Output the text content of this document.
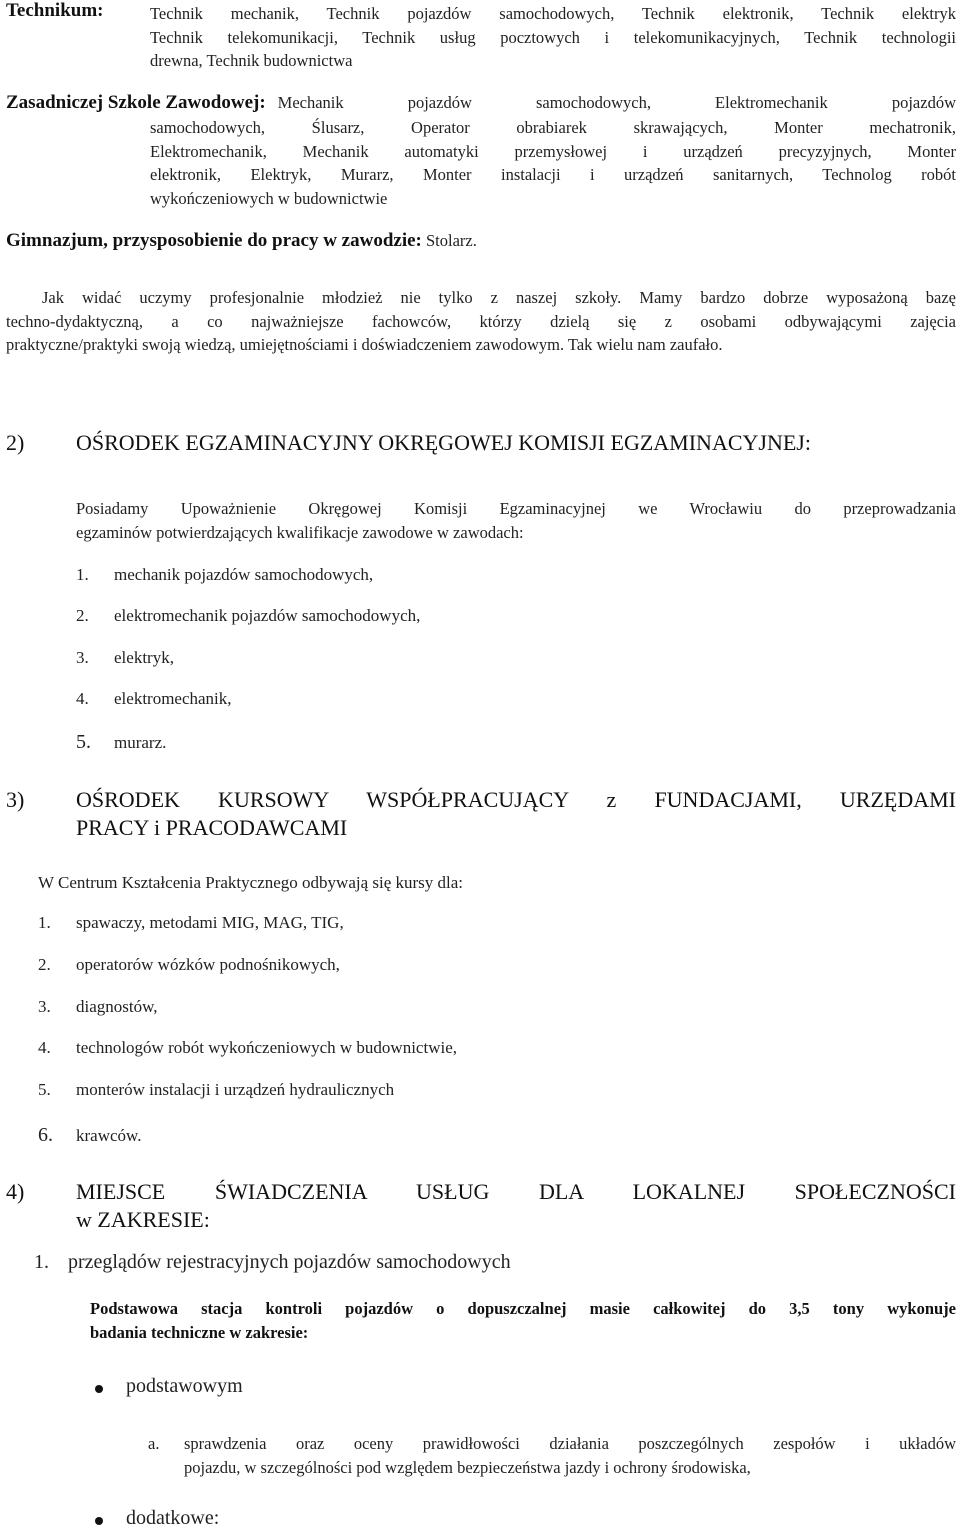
Technikum:	Technik mechanik, Technik pojazdów samochodowych, Technik elektronik, Technik elektryk
Technik telekomunikacji, Technik usług pocztowych i telekomunikacyjnych, Technik technologii
drewna, Technik budownictwa
Zasadniczej Szkole Zawodowej: Mechanik pojazdów samochodowych, Elektromechanik pojazdów
samochodowych, Ślusarz, Operator obrabiarek skrawających, Monter mechatronik,
Elektromechanik, Mechanik automatyki przemysłowej i urządzeń precyzyjnych, Monter
elektronik, Elektryk, Murarz, Monter instalacji i urządzeń sanitarnych, Technolog robót
wykończeniowych w budownictwie
Gimnazjum, przysposobienie do pracy w zawodzie: Stolarz.
Jak widać uczymy profesjonalnie młodzież nie tylko z naszej szkoły. Mamy bardzo dobrze wyposażoną bazę
techno-dydaktyczną, a co najważniejsze fachowców, którzy dzielą się z osobami odbywającymi zajęcia
praktyczne/praktyki swoją wiedzą, umiejętnościami i doświadczeniem zawodowym. Tak wielu nam zaufało.
2) OŚRODEK EGZAMINACYJNY OKRĘGOWEJ KOMISJI EGZAMINACYJNEJ:
Posiadamy Upoważnienie Okręgowej Komisji Egzaminacyjnej we Wrocławiu do przeprowadzania
egzaminów potwierdzających kwalifikacje zawodowe w zawodach:
1. mechanik pojazdów samochodowych,
2. elektromechanik pojazdów samochodowych,
3. elektryk,
4. elektromechanik,
5. murarz.
3) OŚRODEK KURSOWY WSPÓŁPRACUJĄCY z FUNDACJAMI, URZĘDAMI
PRACY i PRACODAWCAMI
W Centrum Kształcenia Praktycznego odbywają się kursy dla:
1. spawaczy, metodami MIG, MAG, TIG,
2. operatorów wózków podnośnikowych,
3. diagnostów,
4. technologów robót wykończeniowych w budownictwie,
5. monterów instalacji i urządzeń hydraulicznych
6. krawców.
4) MIEJSCE ŚWIADCZENIA USŁUG DLA LOKALNEJ SPOŁECZNOŚCI
w ZAKRESIE:
1. przeglądów rejestracyjnych pojazdów samochodowych
Podstawowa stacja kontroli pojazdów o dopuszczalnej masie całkowitej do 3,5 tony wykonuje
badania techniczne w zakresie:
podstawowym
a. sprawdzenia oraz oceny prawidłowości działania poszczególnych zespołów i układów
pojazdu, w szczególności pod względem bezpieczeństwa jazdy i ochrony środowiska,
dodatkowe:
